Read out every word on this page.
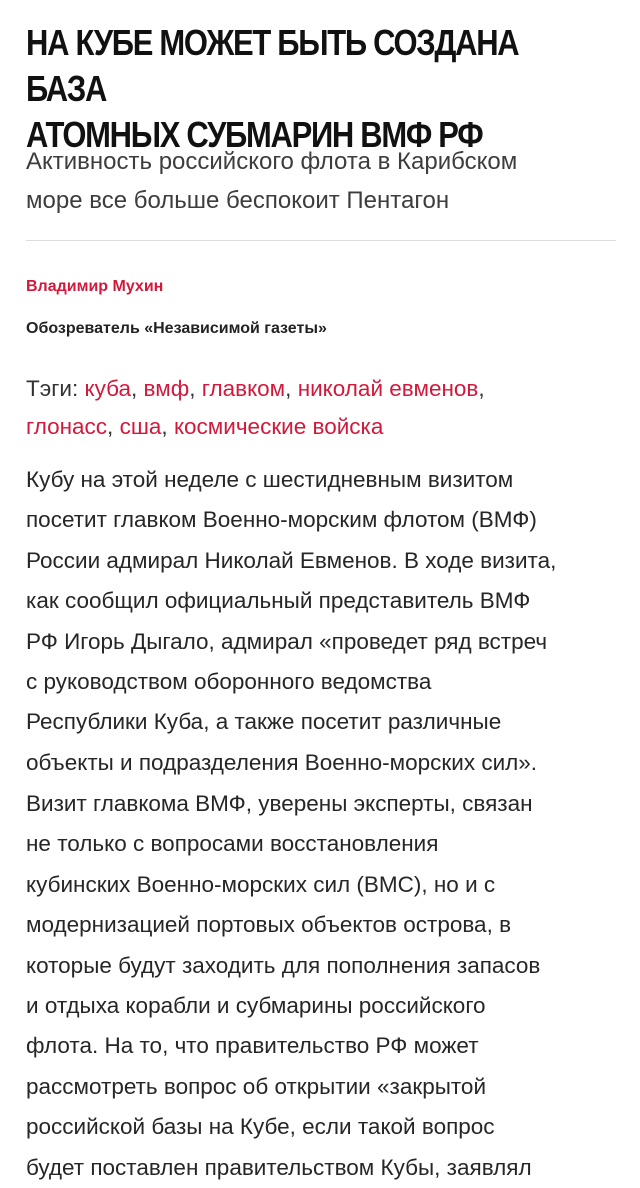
НА КУБЕ МОЖЕТ БЫТЬ СОЗДАНА БАЗА
АТОМНЫХ СУБМАРИН ВМФ РФ

Активность российского флота в Карибском
море все больше беспокоит Пентагон

Владимир Мухин
Обозреватель «Независимой газеты»
Тэги: куба, вмф, главком, николай евменов,
глонасс, сша, космические войска

Кубу на этой неделе с шестидневным визитом
посетит главком Военно-морским флотом (ВМФ)
России адмирал Николай Евменов. В ходе визита,
как сообщил официальный представитель ВМФ
РФ Игорь Дыгало, адмирал «проведет ряд встреч
с руководством оборонного ведомства
Республики Куба, а также посетит различные
объекты и подразделения Военно-морских сил».

Визит главкома ВМФ, уверены эксперты, связан
не только с вопросами восстановления
кубинских Военно-морских сил (ВМС), но и с
модернизацией портовых объектов острова, в
которые будут заходить для пополнения запасов
и отдыха корабли и субмарины российского
флота. На то, что правительство РФ может
рассмотреть вопрос об открытии «закрытой
российской базы на Кубе, если такой вопрос
будет поставлен правительством Кубы, заявлял
